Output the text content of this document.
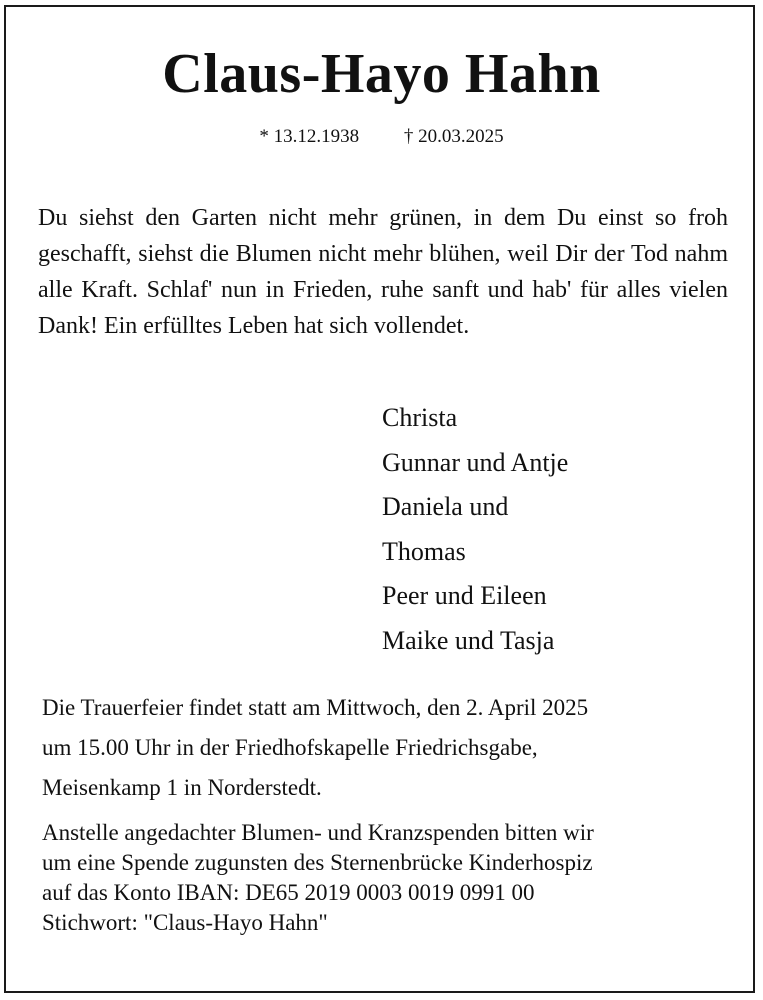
Claus-Hayo Hahn
* 13.12.1938 † 20.03.2025
Du siehst den Garten nicht mehr grünen, in dem Du einst so froh geschafft, siehst die Blumen nicht mehr blühen, weil Dir der Tod nahm alle Kraft. Schlaf' nun in Frieden, ruhe sanft und hab' für alles vielen Dank! Ein erfülltes Leben hat sich vollendet.
Christa
Gunnar und Antje
Daniela und
Thomas
Peer und Eileen
Maike und Tasja
Die Trauerfeier findet statt am Mittwoch, den 2. April 2025
um 15.00 Uhr in der Friedhofskapelle Friedrichsgabe,
Meisenkamp 1 in Norderstedt.
Anstelle angedachter Blumen- und Kranzspenden bitten wir
um eine Spende zugunsten des Sternenbrücke Kinderhospiz
auf das Konto IBAN: DE65 2019 0003 0019 0991 00
Stichwort: "Claus-Hayo Hahn"
